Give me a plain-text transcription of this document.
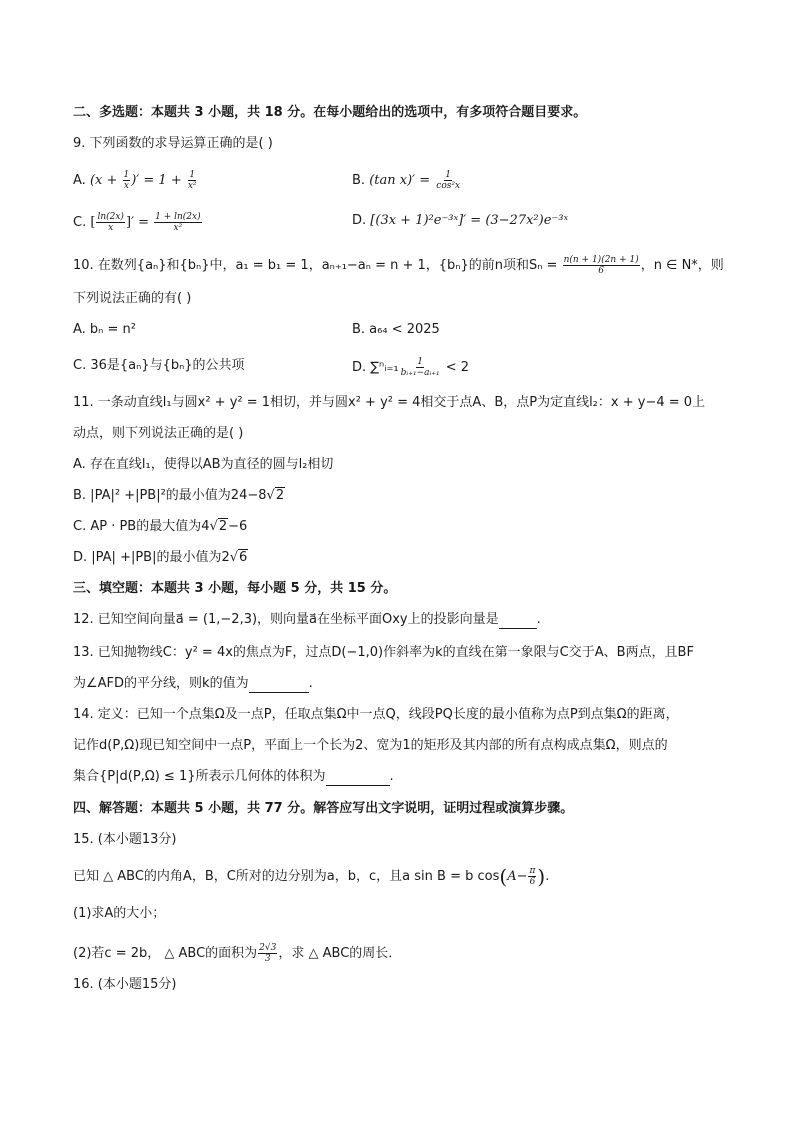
二、多选题：本题共 3 小题，共 18 分。在每小题给出的选项中，有多项符合题目要求。
9. 下列函数的求导运算正确的是( )
A. ($x + \frac{1}{x}$ )′ = $1 + \frac{1}{\text{x²}}$	B. (tan $x)' = \frac{1}{\text{cos²x}}$
C. [ $\frac{\ln(2x)}{x}$ ]′ = $\frac{1 + \ln(2x)}{\text{x²}}$	D. [(3x + 1)²e⁻³ˣ]′ = (3−27x²)e⁻³ˣ
10. 在数列{aₙ}和{bₙ}中，a₁ = b₁ = 1，aₙ₊₁−aₙ = n + 1，{bₙ}的前n项和$S_n = \frac{n(n + 1)(2n + 1)}{6}$ ，n ∈ N*，则
下列说法正确的有( )
A. bₙ = n²	B. a₆₄ < 2025
C. 36是{aₙ}与{bₙ}的公共项	D. ∑ⁿᵢ₌₁ $\frac{1}{\text{bᵢ₊₁−aᵢ₊₁}} < 2$
11. 一条动直线l₁与圆x² + y² = 1相切，并与圆x² + y² = 4相交于点A、B，点P为定直线l₂：x + y−4 = 0上
动点，则下列说法正确的是( )
A. 存在直线l₁，使得以AB为直径的圆与l₂相切
B. |PA|² +|PB|²的最小值为24−8√2
C. AP · PB的最大值为4√2−6
D. |PA| +|PB|的最小值为2√6
三、填空题：本题共 3 小题，每小题 5 分，共 15 分。
12. 已知空间向量a⃗ = (1,−2,3)，则向量a⃗在坐标平面Oxy上的投影向量是	.
13. 已知抛物线C：y² = 4x的焦点为F，过点D(−1,0)作斜率为k的直线在第一象限与C交于A、B两点，且BF
为∠AFD的平分线，则k的值为	.
14. 定义：已知一个点集Ω及一点P，任取点集Ω中一点Q，线段PQ长度的最小值称为点P到点集Ω的距离，
记作d(P,Ω)现已知空间中一点P，平面上一个长为2、宽为1的矩形及其内部的所有点构成点集Ω，则点的
集合{P|d(P,Ω) ≤ 1}所表示几何体的体积为	.
四、解答题：本题共 5 小题，共 77 分。解答应写出文字说明，证明过程或演算步骤。
15. (本小题13分)
已知 △ ABC的内角A，B，C所对的边分别为a，b，c，且a sin B = b $\cos(A- \frac{\pi}{6}$ ).
(1)求A的大小；
(2)若c = 2b， △ ABC的面积为 $\frac{2√3}{3}$ ，求 △ ABC的周长．
16. (本小题15分)
